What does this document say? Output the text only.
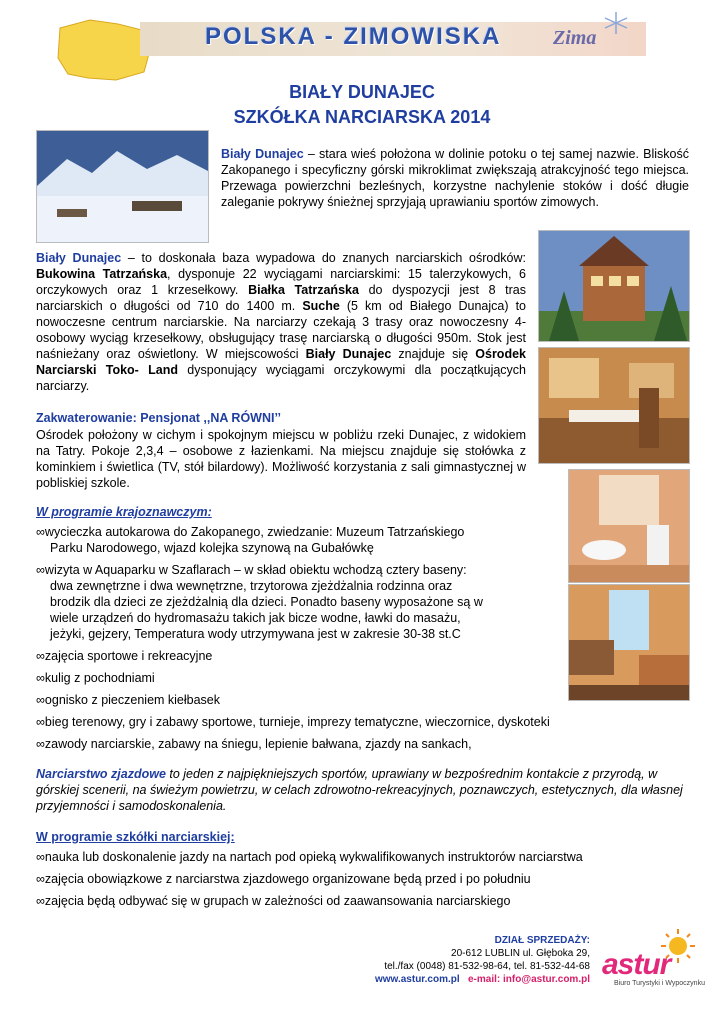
POLSKA - ZIMOWISKA	Zima
BIAŁY DUNAJEC
SZKÓŁKA NARCIARSKA 2014
Biały Dunajec – stara wieś położona w dolinie potoku o tej samej nazwie. Bliskość Zakopanego i specyficzny górski mikroklimat zwiększają atrakcyjność tego miejsca. Przewaga powierzchni bezleśnych, korzystne nachylenie stoków i dość długie zaleganie pokrywy śnieżnej sprzyjają uprawianiu sportów zimowych.
Biały Dunajec – to doskonała baza wypadowa do znanych narciarskich ośrodków: Bukowina Tatrzańska, dysponuje 22 wyciągami narciarskimi: 15 talerzykowych, 6 orczykowych oraz 1 krzesełkowy. Białka Tatrzańska do dyspozycji jest 8 tras narciarskich o długości od 710 do 1400 m. Suche (5 km od Białego Dunajca) to nowoczesne centrum narciarskie. Na narciarzy czekają 3 trasy oraz nowoczesny 4-osobowy wyciąg krzesełkowy, obsługujący trasę narciarską o długości 950m. Stok jest naśnieżany oraz oświetlony. W miejscowości Biały Dunajec znajduje się Ośrodek Narciarski Toko- Land dysponujący wyciągami orczykowymi dla początkujących narciarzy.
Zakwaterowanie: Pensjonat ,,NA RÓWNI’’
Ośrodek położony w cichym i spokojnym miejscu w pobliżu rzeki Dunajec, z widokiem na Tatry. Pokoje 2,3,4 – osobowe z łazienkami. Na miejscu znajduje się stołówka z kominkiem i świetlica (TV, stół bilardowy). Możliwość korzystania z sali gimnastycznej w pobliskiej szkole.
W programie krajoznawczym:
∞wycieczka autokarowa do Zakopanego, zwiedzanie: Muzeum Tatrzańskiego
Parku Narodowego, wjazd kolejka szynową na Gubałówkę
∞wizyta w Aquaparku w Szaflarach – w skład obiektu wchodzą cztery baseny:
dwa zewnętrzne i dwa wewnętrzne, trzytorowa zjeżdżalnia rodzinna oraz
brodzik dla dzieci ze zjeżdżalnią dla dzieci. Ponadto baseny wyposażone są w
wiele urządzeń do hydromasażu takich jak bicze wodne, ławki do masażu,
jeżyki, gejzery, Temperatura wody utrzymywana jest w zakresie 30-38 st.C
∞zajęcia sportowe i rekreacyjne
∞kulig z pochodniami
∞ognisko z pieczeniem kiełbasek
∞bieg terenowy, gry i zabawy sportowe, turnieje, imprezy tematyczne, wieczornice, dyskoteki
∞zawody narciarskie, zabawy na śniegu, lepienie bałwana, zjazdy na sankach,
Narciarstwo zjazdowe to jeden z najpiękniejszych sportów, uprawiany w bezpośrednim kontakcie z przyrodą, w górskiej scenerii, na świeżym powietrzu, w celach zdrowotno-rekreacyjnych, poznawczych, estetycznych, dla własnej przyjemności i samodoskonalenia.
W programie szkółki narciarskiej:
∞nauka lub doskonalenie jazdy na nartach pod opieką wykwalifikowanych instruktorów narciarstwa
∞zajęcia obowiązkowe z narciarstwa zjazdowego organizowane będą przed i po południu
∞zajęcia będą odbywać się w grupach w zależności od zaawansowania narciarskiego
DZIAŁ SPRZEDAŻY:
20-612 LUBLIN ul. Głęboka 29,
tel./fax (0048) 81-532-98-64, tel. 81-532-44-68
www.astur.com.pl e-mail: info@astur.com.pl astur
Biuro Turystyki i Wypoczynku
